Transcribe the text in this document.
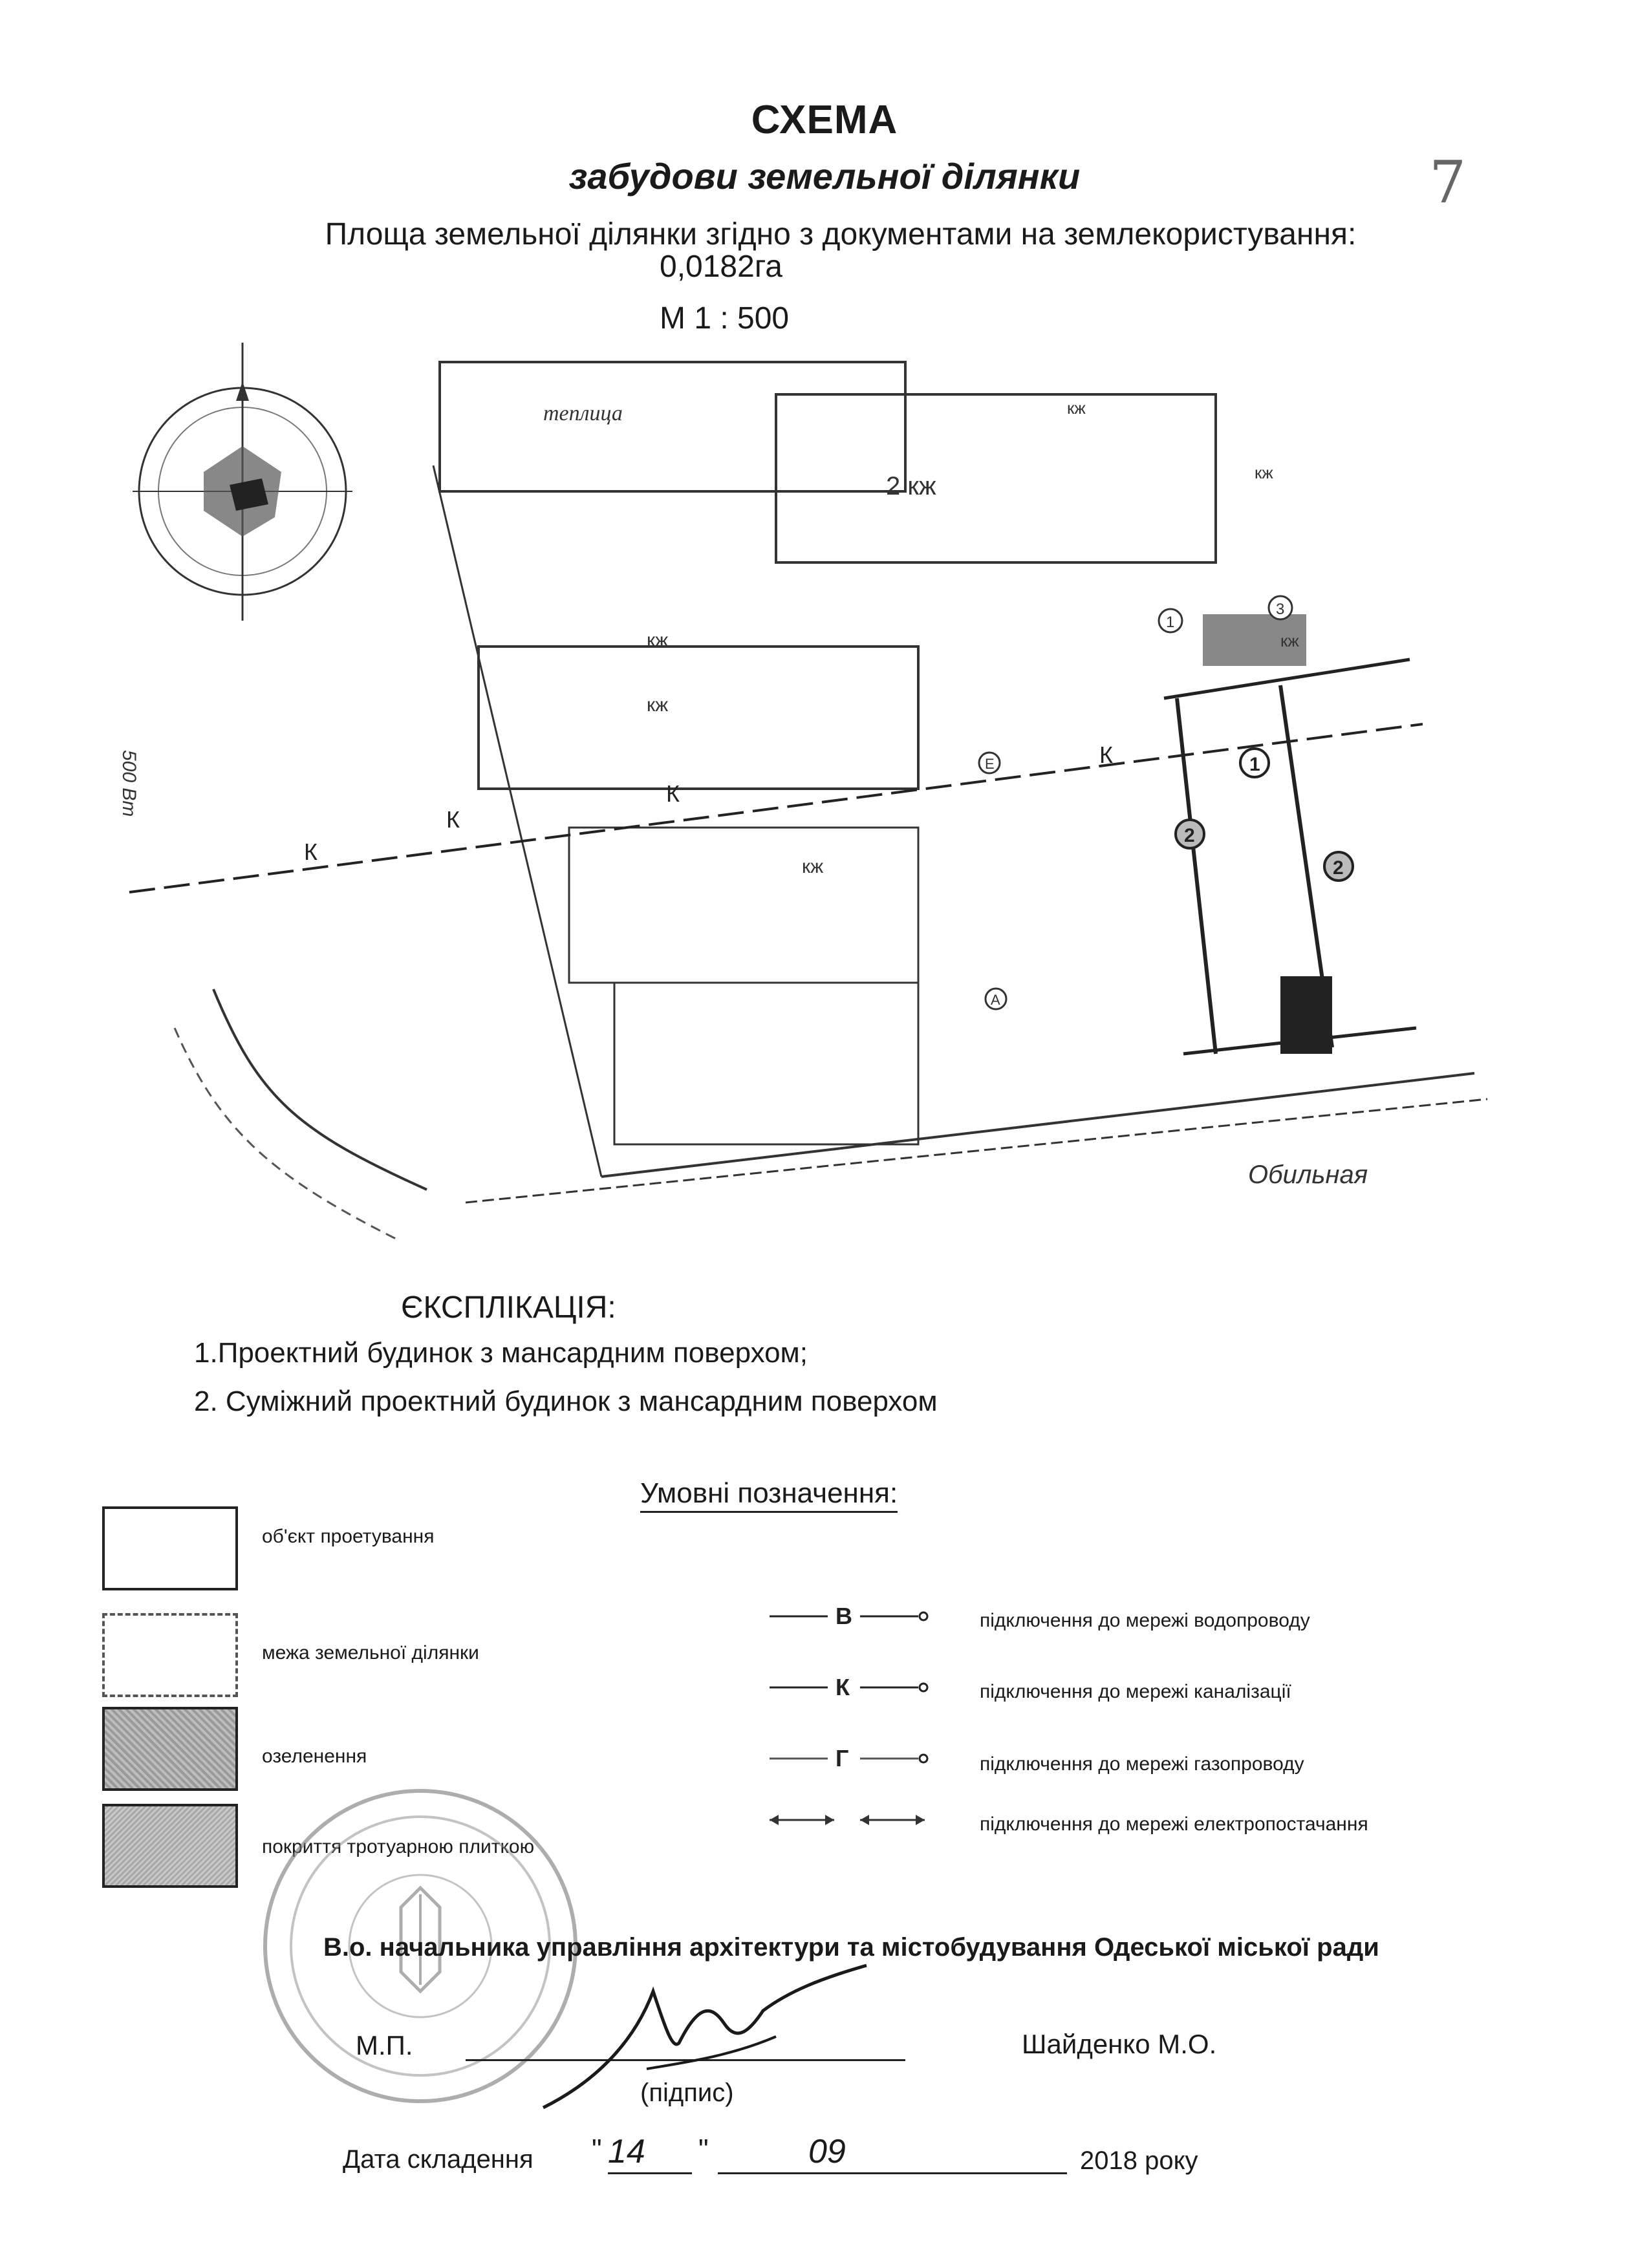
СХЕМА
забудови земельної ділянки
Площа земельної ділянки згідно з документами на землекористування:
0,0182га
М 1 : 500
7
теплица
2 кж
кж
кж
кж
кж
кж
кж
Обильная
500 Вт
К
К
К
К	1
2
2
1
3
Е
А
ЄКСПЛІКАЦІЯ:
1.Проектний будинок з мансардним поверхом;
2. Суміжний проектний будинок з мансардним поверхом
Умовні позначення:
об'єкт проетування
межа земельної ділянки
озеленення
покриття тротуарною плиткою
В	підключення до мережі водопроводу
К	підключення до мережі каналізації
Г	підключення до мережі газопроводу
підключення до мережі електропостачання
В.о. начальника управління архітектури та містобудування Одеської міської ради
М.П.	Шайденко М.О.
(підпис)
Дата складення " 14 "	09	2018 року
